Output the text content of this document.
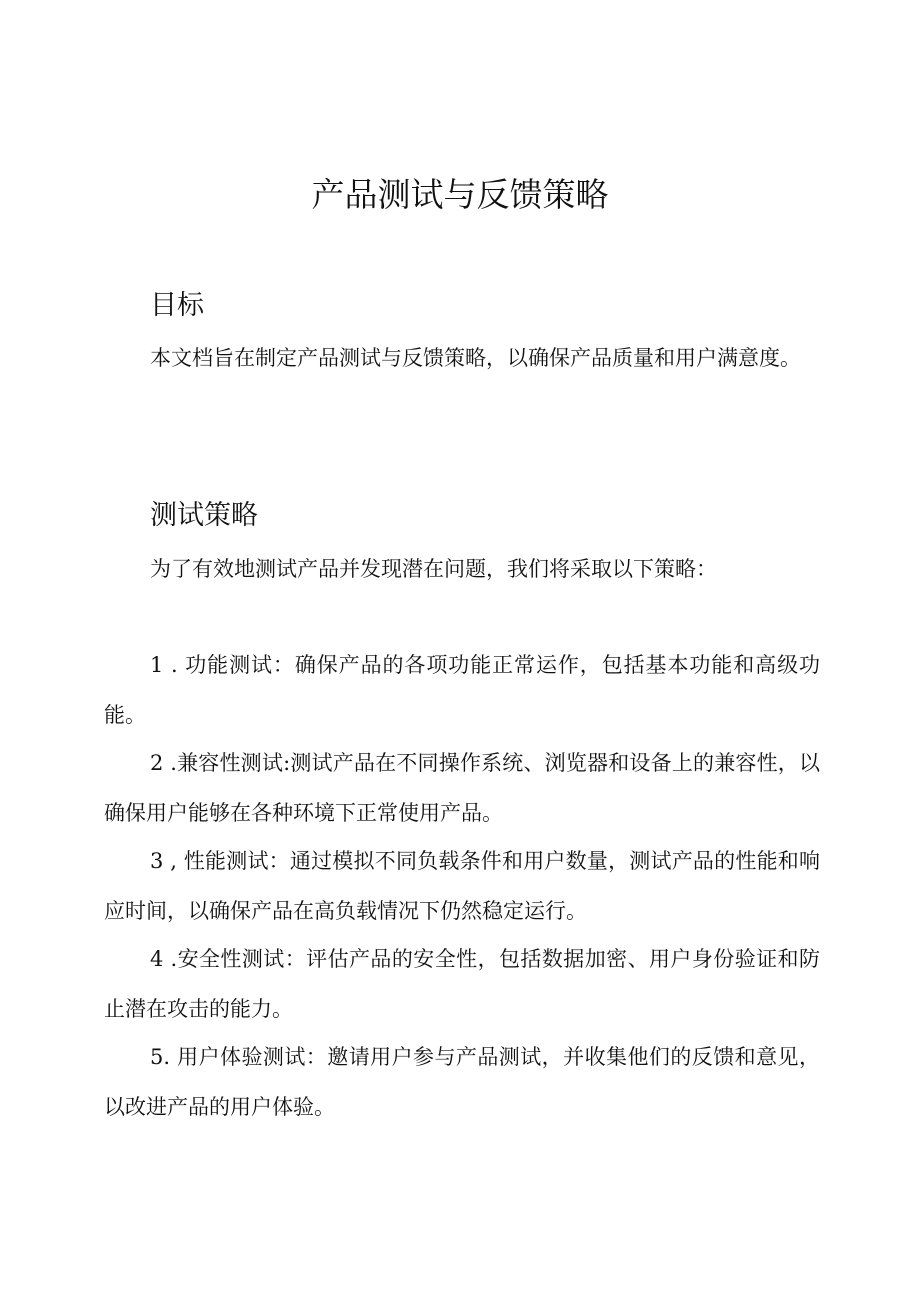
产品测试与反馈策略
目标

本文档旨在制定产品测试与反馈策略，以确保产品质量和用户满意度。

测试策略

为了有效地测试产品并发现潜在问题，我们将采取以下策略：

1 . 功能测试：确保产品的各项功能正常运作，包括基本功能和高级功能。

2 .兼容性测试:测试产品在不同操作系统、浏览器和设备上的兼容性，以确保用户能够在各种环境下正常使用产品。

3 , 性能测试：通过模拟不同负载条件和用户数量，测试产品的性能和响应时间，以确保产品在高负载情况下仍然稳定运行。

4 .安全性测试：评估产品的安全性，包括数据加密、用户身份验证和防止潜在攻击的能力。

5. 用户体验测试：邀请用户参与产品测试，并收集他们的反馈和意见，以改进产品的用户体验。
